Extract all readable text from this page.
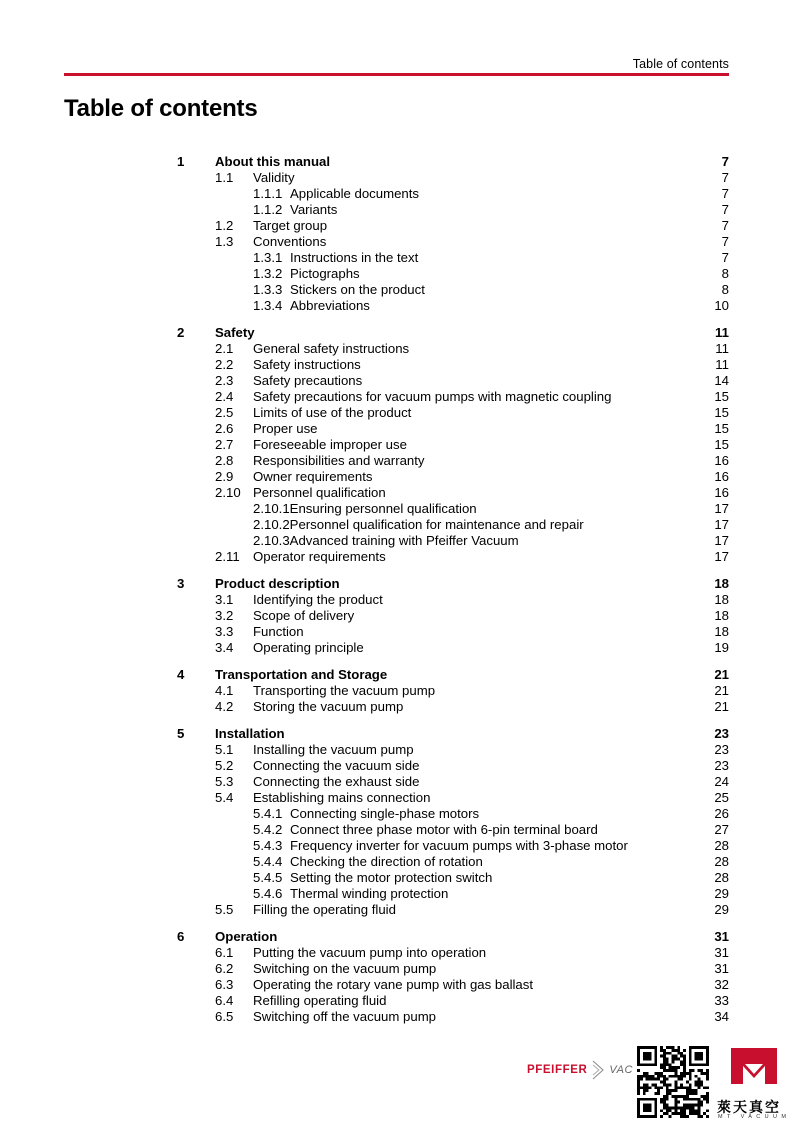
Table of contents
Table of contents
1 About this manual	7
1.1 Validity	7
1.1.1 Applicable documents	7
1.1.2 Variants	7
1.2 Target group	7
1.3 Conventions	7
1.3.1 Instructions in the text	7
1.3.2 Pictographs	8
1.3.3 Stickers on the product	8
1.3.4 Abbreviations	10
2 Safety	11
2.1 General safety instructions	11
2.2 Safety instructions	11
2.3 Safety precautions	14
2.4 Safety precautions for vacuum pumps with magnetic coupling	15
2.5 Limits of use of the product	15
2.6 Proper use	15
2.7 Foreseeable improper use	15
2.8 Responsibilities and warranty	16
2.9 Owner requirements	16
2.10 Personnel qualification	16
2.10.1Ensuring personnel qualification	17
2.10.2Personnel qualification for maintenance and repair	17
2.10.3Advanced training with Pfeiffer Vacuum	17
2.11 Operator requirements	17
3 Product description	18
3.1 Identifying the product	18
3.2 Scope of delivery	18
3.3 Function	18
3.4 Operating principle	19
4 Transportation and Storage	21
4.1 Transporting the vacuum pump	21
4.2 Storing the vacuum pump	21
5 Installation	23
5.1 Installing the vacuum pump	23
5.2 Connecting the vacuum side	23
5.3 Connecting the exhaust side	24
5.4 Establishing mains connection	25
5.4.1 Connecting single-phase motors	26
5.4.2 Connect three phase motor with 6-pin terminal board	27
5.4.3 Frequency inverter for vacuum pumps with 3-phase motor	28
5.4.4 Checking the direction of rotation	28
5.4.5 Setting the motor protection switch	28
5.4.6 Thermal winding protection	29
5.5 Filling the operating fluid	29
6 Operation	31
6.1 Putting the vacuum pump into operation	31
6.2 Switching on the vacuum pump	31
6.3 Operating the rotary vane pump with gas ballast	32
6.4 Refilling operating fluid	33
6.5 Switching off the vacuum pump	34
PFEIFFER VAC
萊天真空
MT VACUUM
